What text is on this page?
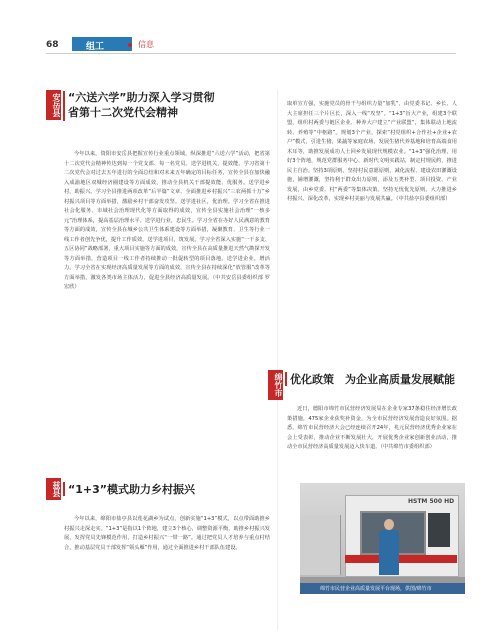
68	组工	信息
安岳县 “六送六学”助力深入学习贯彻
省第十二次党代会精神

今年以来，资阳市安岳县把握宣传行业重点领域，纵深推进“六送六学”活动，把省第十二次党代会精神传达到每一个党支部、每一名党员。送学进机关，提效能。学习省第十二次党代会对过去五年进行的全面总结和对未来五年确定的目标任务，宣传全县在加快融入成渝地区双城经济圈建设等方面成效，推动全县机关干部提效能、优服务。送学进乡村，助振兴。学习全县推进两项改革“后半篇”文章、全面推进乡村振兴“三农两抓十万”乡村振兴项目等方面举措，激励乡村干部奋发攻坚。送学进社区，优治理。学习全省在推进社会化服务、市域社会治理现代化等方面取得的成效，宣传全县实施社会治理“一核多元”治理体系，提高基层治理水平。送学进行业，忠民生。学习全省在办好人民满意的教育等方面的成效，宣传全县在城乡公共卫生体系建设等方面举措，凝聚教育、卫生等行业一线工作者创先争优，提升工作质效。送学进项目，筑发展。学习全省深入实施“一干多支、五区协同”战略部署，重大项目实施等方面的成效，宣传全县在高质量推进天然气勘探开发等方面举措，营造项目一线工作者持续推动一批促转型的项目落地。送学进企业，增活力。学习全省在实现经济高质量发展等方面的成效，宣传全县在持续深化“放管服”改革等方面举措，激发各类市场主体活力，促进全县经济高质量发展。（中共安岳县委组织部 罗宏欣）

兹县 “1+3”模式助力乡村振兴

今年以来，绵阳市盐亭县以莲花湖乡为试点，创新实施“1+3”模式，以点带面助推乡村振兴走深走实。“1+3”是指以1个阵地，建立3个核心，调整资源平衡，助推乡村振兴发展，发挥党员先锋模范作用，打造乡村振兴“一带一路”。通过把党员人才培养与重点村结合，推动基层党员干部发挥“领头雁”作用，通过全面推进乡村干部队伍建设。

取单宣方强，实施党员的骨干与组织力量“加乳”，由党委书记、乡长、人大主席担任三个片区长，深入一线“攻坚”。“1+3”旨大产业，组建3个联盟，组织村两委与链区企业、种养大户建立“产业联盟”，集体联动上地流转、养殖等“中枢路”。规划3个产业，探索“村党组织+合作社+企业+农户”模式，引进生猪、果蔬等家庭农场，发展生猪代养基地和培育高端食用木耳等，助推发展成功人士回乡发展现代规模农业。“1+3”强化治理，用好3个阵地，规范党群服务中心、新时代文明实践站，制定村规民约，推进民主自治。坚持3项原则，坚持村民意愿原则，减化流程、建设农田灌溉设施，铺增灌溉，坚持利于群众出力原则，添及五类补型、项目投资、产业发展，由乡党委、村“两委”等集体决策。坚持无忧优先原则，大力推进乡村振兴、深化改革，实现乡村美丽与发展共赢。（中共盐亭县委组织部）

绵竹市 优化政策　为企业高质量发展赋能

近日，德阳市绵竹市民营经济发展局在企业专家37条稳住经济增长政策措施，475家企业获奖补资金，为全市民营经济发展营造良好氛围。据悉，绵竹市民营经济大会已经连续召开24年，兆元民营经济优秀企业家在会上受表彰，推动企业不断发展壮大，开展优秀企业家创新创业活动，推动全市民营经济高质量发展迈入快车道。（中共绵竹市委组织部）

HSTM 500 HD
绵竹市民营企业高质量发展平台现场，供图/绵竹市
